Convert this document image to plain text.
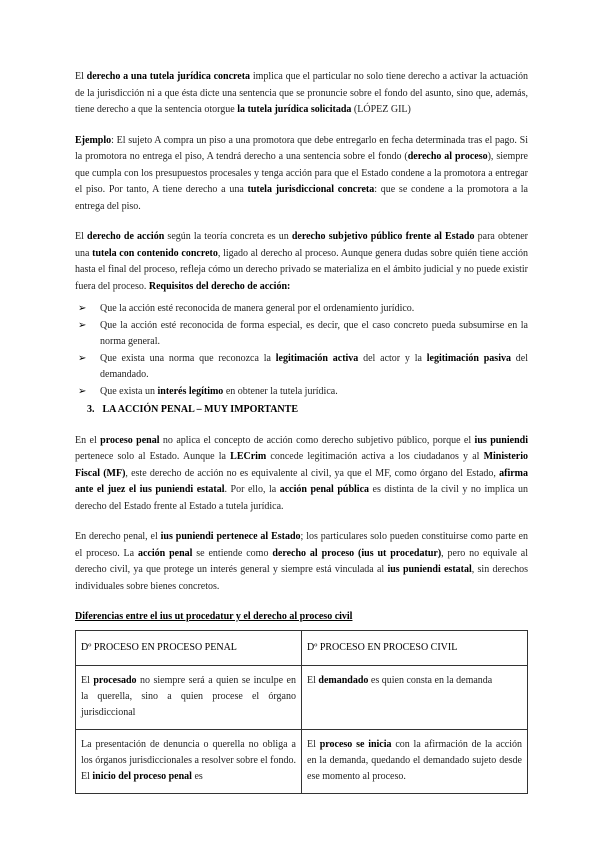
El derecho a una tutela jurídica concreta implica que el particular no solo tiene derecho a activar la actuación de la jurisdicción ni a que ésta dicte una sentencia que se pronuncie sobre el fondo del asunto, sino que, además, tiene derecho a que la sentencia otorgue la tutela jurídica solicitada (LÓPEZ GIL)

Ejemplo: El sujeto A compra un piso a una promotora que debe entregarlo en fecha determinada tras el pago. Si la promotora no entrega el piso, A tendrá derecho a una sentencia sobre el fondo (derecho al proceso), siempre que cumpla con los presupuestos procesales y tenga acción para que el Estado condene a la promotora a entregar el piso. Por tanto, A tiene derecho a una tutela jurisdiccional concreta: que se condene a la promotora a la entrega del piso.

El derecho de acción según la teoría concreta es un derecho subjetivo público frente al Estado para obtener una tutela con contenido concreto, ligado al derecho al proceso. Aunque genera dudas sobre quién tiene acción hasta el final del proceso, refleja cómo un derecho privado se materializa en el ámbito judicial y no puede existir fuera del proceso. Requisitos del derecho de acción:

➢ Que la acción esté reconocida de manera general por el ordenamiento jurídico.
➢ Que la acción esté reconocida de forma especial, es decir, que el caso concreto pueda subsumirse en la norma general.
➢ Que exista una norma que reconozca la legitimación activa del actor y la legitimación pasiva del demandado.
➢ Que exista un interés legítimo en obtener la tutela jurídica.
3. LA ACCIÓN PENAL – MUY IMPORTANTE

En el proceso penal no aplica el concepto de acción como derecho subjetivo público, porque el ius puniendi pertenece solo al Estado. Aunque la LECrim concede legitimación activa a los ciudadanos y al Ministerio Fiscal (MF), este derecho de acción no es equivalente al civil, ya que el MF, como órgano del Estado, afirma ante el juez el ius puniendi estatal. Por ello, la acción penal pública es distinta de la civil y no implica un derecho del Estado frente al Estado a tutela jurídica.

En derecho penal, el ius puniendi pertenece al Estado; los particulares solo pueden constituirse como parte en el proceso. La acción penal se entiende como derecho al proceso (ius ut procedatur), pero no equivale al derecho civil, ya que protege un interés general y siempre está vinculada al ius puniendi estatal, sin derechos individuales sobre bienes concretos.

Diferencias entre el ius ut procedatur y el derecho al proceso civil
Dº PROCESO EN PROCESO PENAL	Dº PROCESO EN PROCESO CIVIL
El procesado no siempre será a quien se inculpe en la querella, sino a quien procese el órgano jurisdiccional	El demandado es quien consta en la demanda
La presentación de denuncia o querella no obliga a los órganos jurisdiccionales a resolver sobre el fondo. El inicio del proceso penal es	El proceso se inicia con la afirmación de la acción en la demanda, quedando el demandado sujeto desde ese momento al proceso.
